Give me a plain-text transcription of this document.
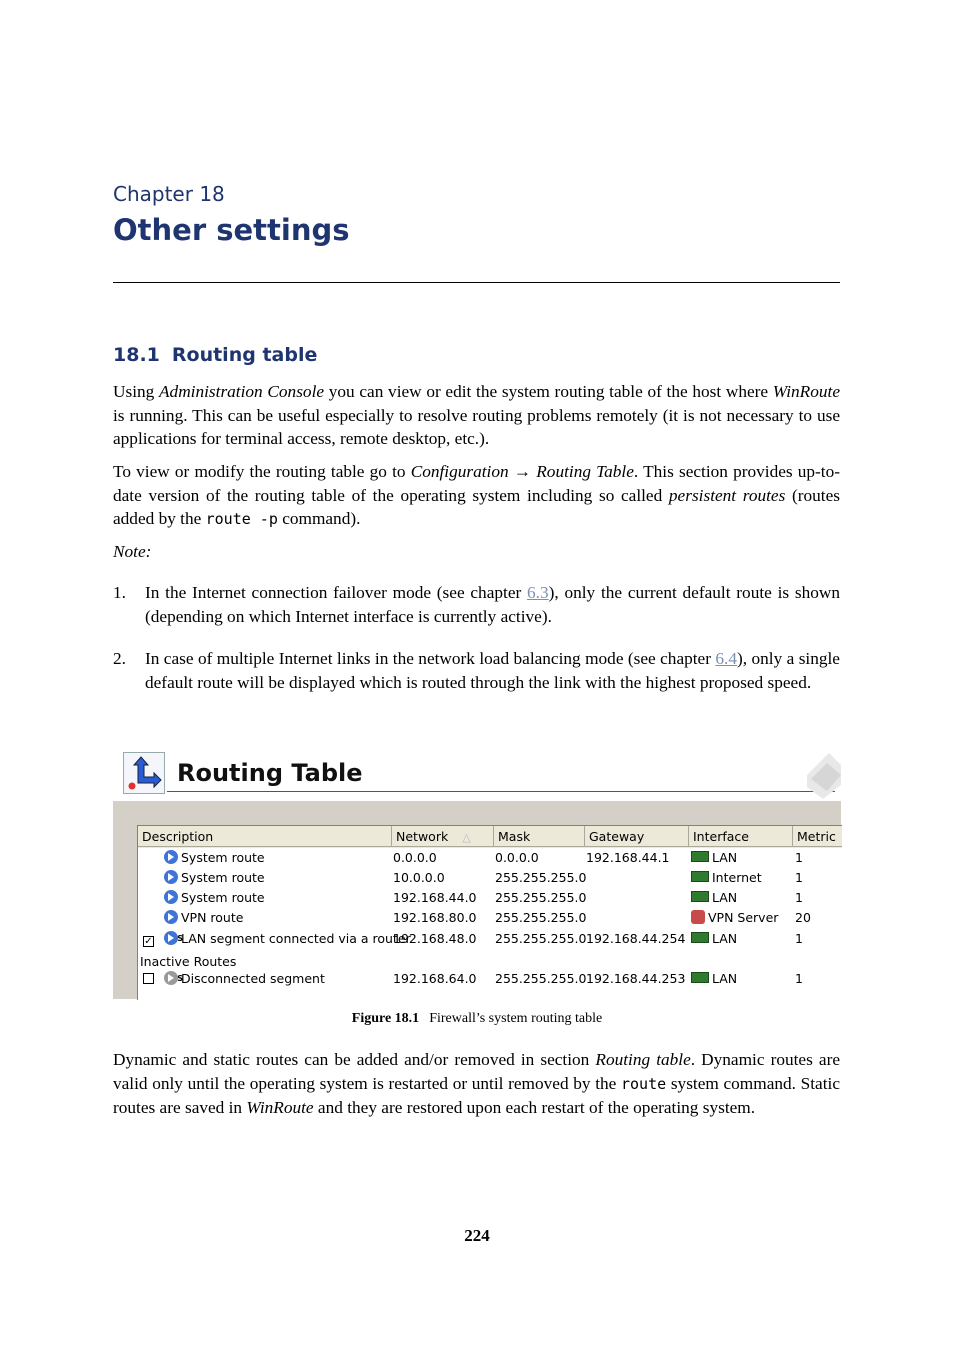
Chapter 18
Other settings
18.1 Routing table

Using Administration Console you can view or edit the system routing table of the host where WinRoute is running. This can be useful especially to resolve routing problems remotely (it is not necessary to use applications for terminal access, remote desktop, etc.).

To view or modify the routing table go to Configuration → Routing Table. This section provides up-to-date version of the routing table of the operating system including so called persistent routes (routes added by the route -p command).

Note:

1. In the Internet connection failover mode (see chapter 6.3), only the current default route is shown (depending on which Internet interface is currently active).
2. In case of multiple Internet links in the network load balancing mode (see chapter 6.4), only a single default route will be displayed which is routed through the link with the highest proposed speed.
Routing Table
Description	Network △	Mask	Gateway	Interface	Metric
System route	0.0.0.0	0.0.0.0	192.168.44.1	LAN	1
System route	10.0.0.0	255.255.255.0	Internet	1
System route	192.168.44.0 255.255.255.0	LAN	1
VPN route	192.168.80.0 255.255.255.0	VPN Server 20
✓
S	LAN segment connected via a router
192.168.48.0 255.255.255.0 192.168.44.254	LAN	1
Inactive Routes
SDisconnected segment	192.168.64.0 255.255.255.0 192.168.44.253	LAN	1
Figure 18.1 Firewall’s system routing table

Dynamic and static routes can be added and/or removed in section Routing table. Dynamic routes are valid only until the operating system is restarted or until removed by the route system command. Static routes are saved in WinRoute and they are restored upon each restart of the operating system.

224
